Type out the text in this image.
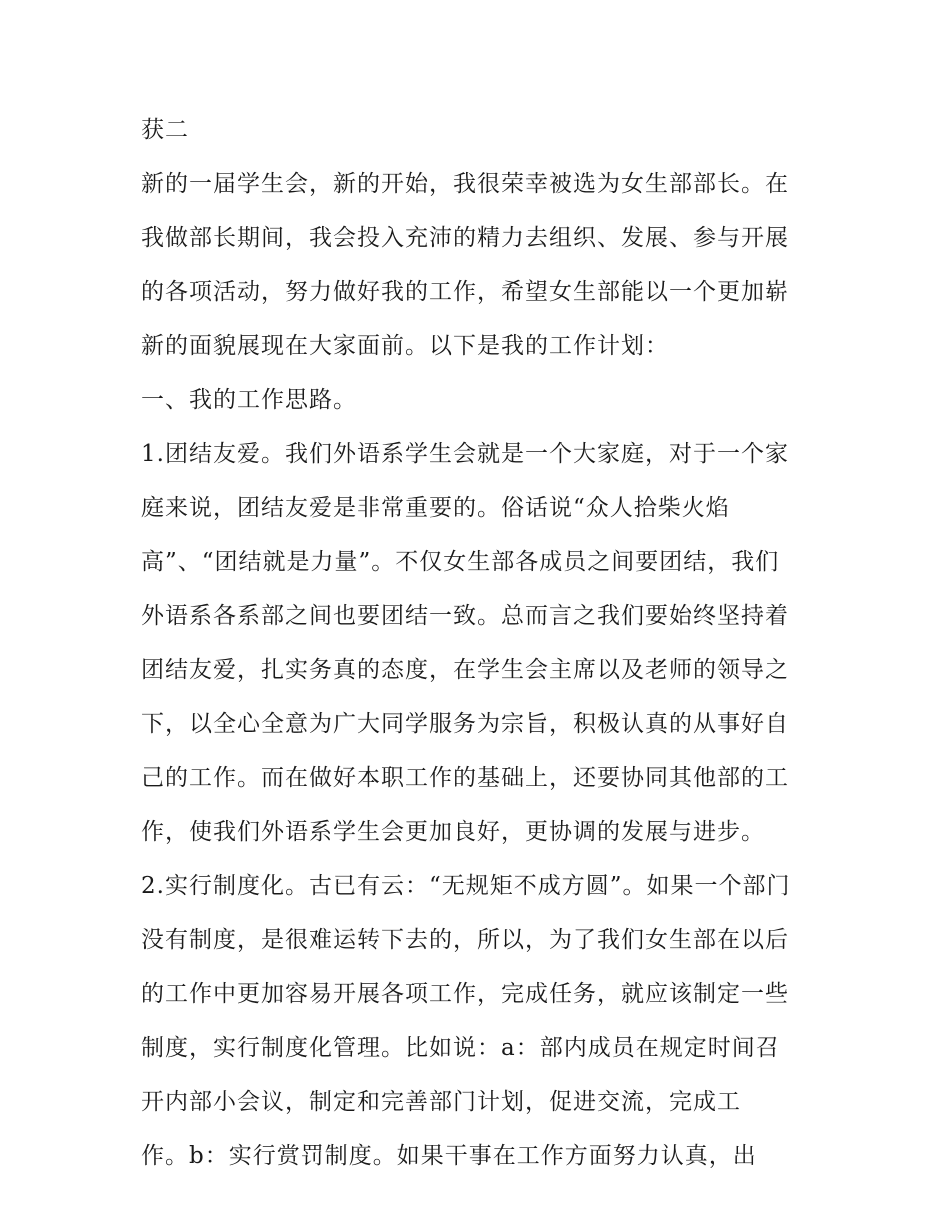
获二
新的一届学生会，新的开始，我很荣幸被选为女生部部长。在
我做部长期间，我会投入充沛的精力去组织、发展、参与开展
的各项活动，努力做好我的工作，希望女生部能以一个更加崭
新的面貌展现在大家面前。以下是我的工作计划：
一、我的工作思路。
1.团结友爱。我们外语系学生会就是一个大家庭，对于一个家
庭来说，团结友爱是非常重要的。俗话说“众人拾柴火焰
高”、“团结就是力量”。不仅女生部各成员之间要团结，我们
外语系各系部之间也要团结一致。总而言之我们要始终坚持着
团结友爱，扎实务真的态度，在学生会主席以及老师的领导之
下，以全心全意为广大同学服务为宗旨，积极认真的从事好自
己的工作。而在做好本职工作的基础上，还要协同其他部的工
作，使我们外语系学生会更加良好，更协调的发展与进步。
2.实行制度化。古已有云：“无规矩不成方圆”。如果一个部门
没有制度，是很难运转下去的，所以，为了我们女生部在以后
的工作中更加容易开展各项工作，完成任务，就应该制定一些
制度，实行制度化管理。比如说：a：部内成员在规定时间召
开内部小会议，制定和完善部门计划，促进交流，完成工
作。b：实行赏罚制度。如果干事在工作方面努力认真，出
